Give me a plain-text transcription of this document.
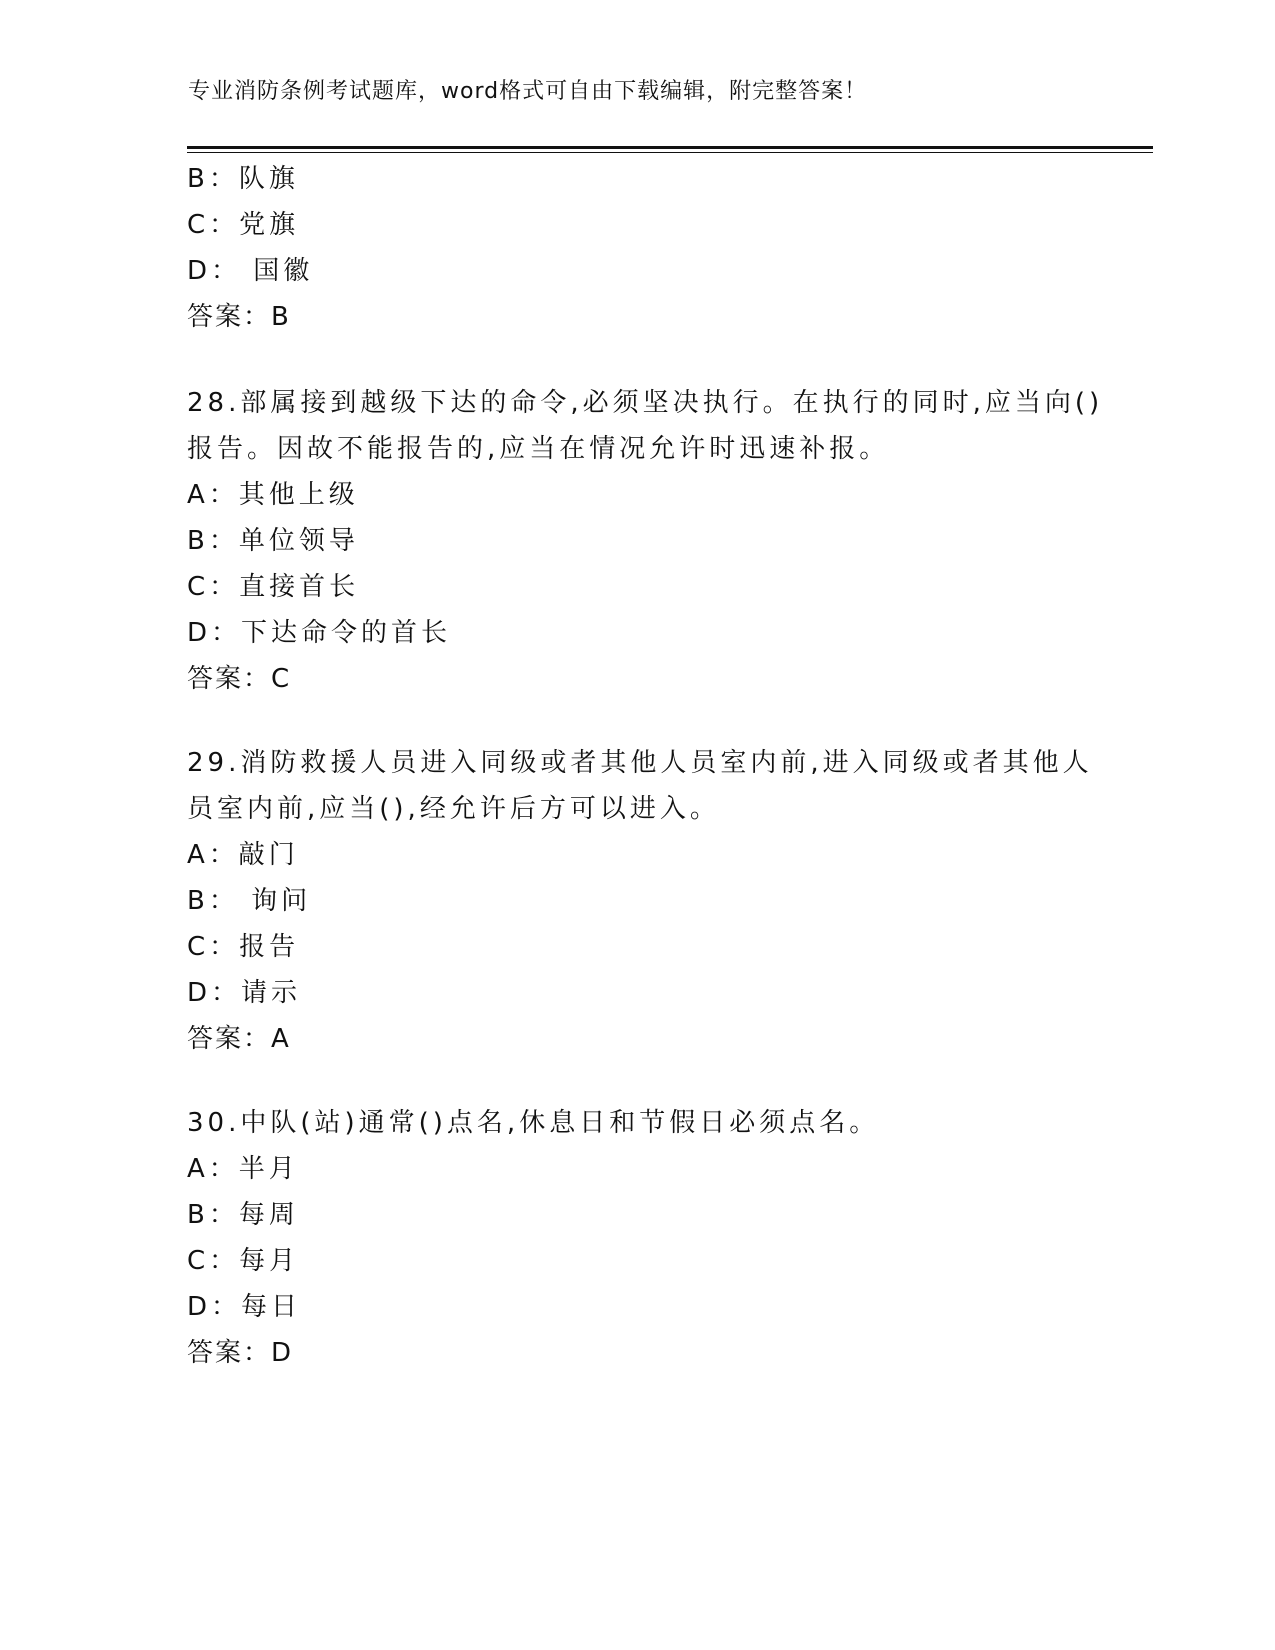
专业消防条例考试题库，word格式可自由下载编辑，附完整答案！
B：队旗
C：党旗
D： 国徽
答案：B
28.部属接到越级下达的命令,必须坚决执行。在执行的同时,应当向()
报告。因故不能报告的,应当在情况允许时迅速补报。
A：其他上级
B：单位领导
C：直接首长
D：下达命令的首长
答案：C
29.消防救援人员进入同级或者其他人员室内前,进入同级或者其他人
员室内前,应当(),经允许后方可以进入。
A：敲门
B： 询问
C：报告
D：请示
答案：A
30.中队(站)通常()点名,休息日和节假日必须点名。
A：半月
B：每周
C：每月
D：每日
答案：D
